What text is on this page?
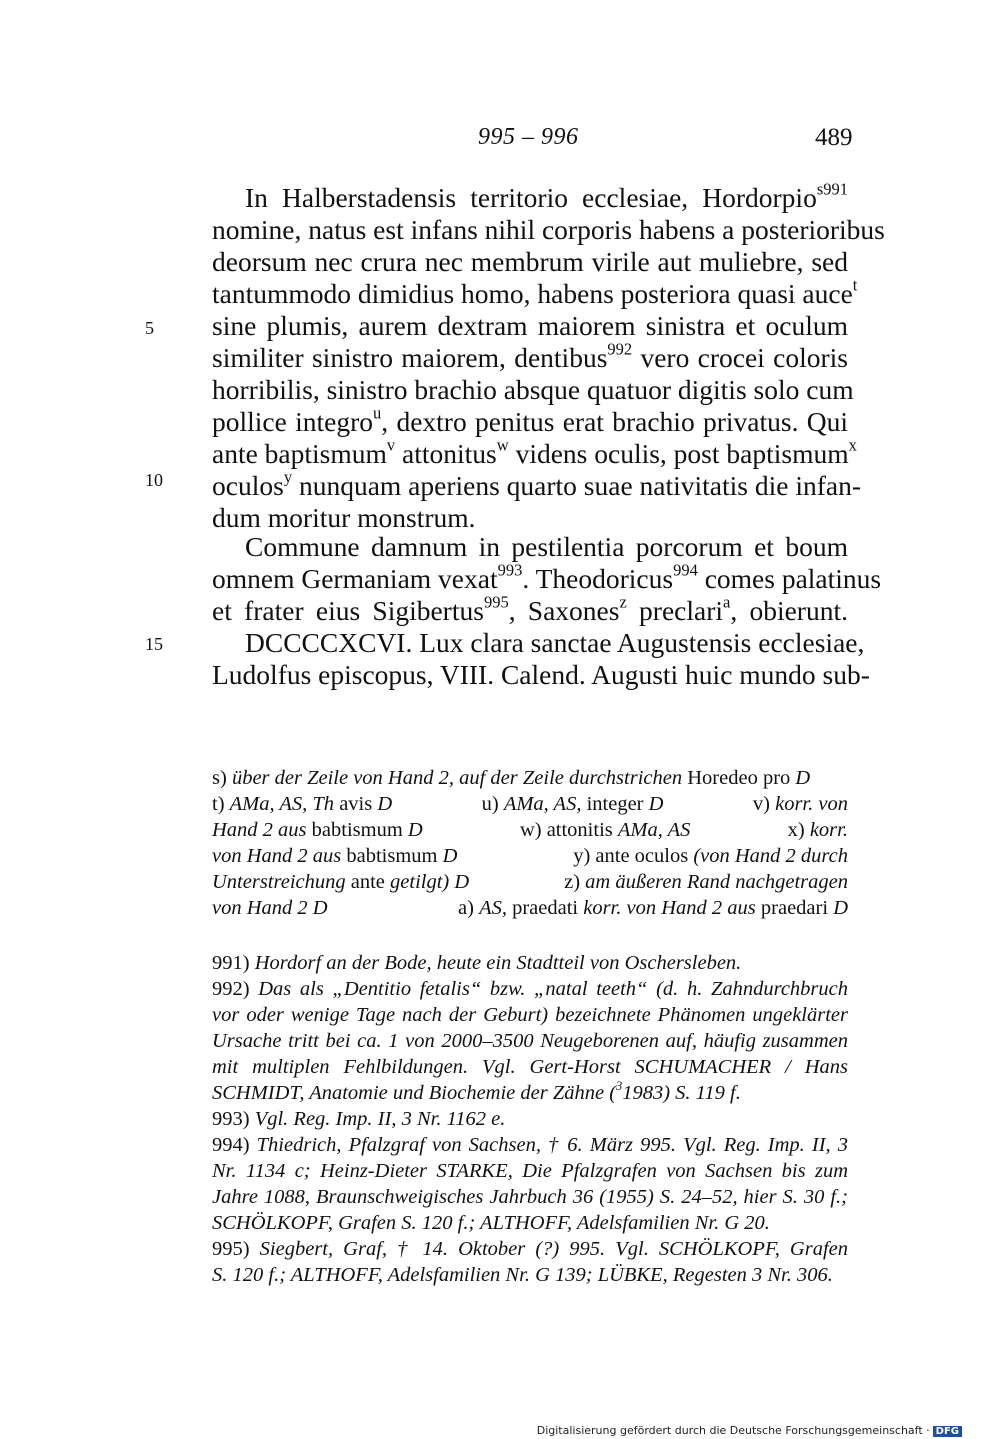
995 – 996	489
5
10
15
In Halberstadensis territorio ecclesiae, Hordorpio$^{s991}$
nomine, natus est infans nihil corporis habens a posterioribus
deorsum nec crura nec membrum virile aut muliebre, sed
tantummodo dimidius homo, habens posteriora quasi auce$^t$
sine plumis, aurem dextram maiorem sinistra et oculum
similiter sinistro maiorem, dentibus$^{992}$ vero crocei coloris
horribilis, sinistro brachio absque quatuor digitis solo cum
pollice integro$^u$, dextro penitus erat brachio privatus. Qui
ante baptismum$^v$ attonitus$^w$ videns oculis, post baptismum$^x$
oculos$^y$ nunquam aperiens quarto suae nativitatis die infan-
dum moritur monstrum.
Commune damnum in pestilentia porcorum et boum
omnem Germaniam vexat$^{993}$. Theodoricus$^{994}$ comes palatinus
et frater eius Sigibertus$^{995}$, Saxones$^z$ preclari$^a$, obierunt.
DCCCCXCVI. Lux clara sanctae Augustensis ecclesiae,
Ludolfus episcopus, VIII. Calend. Augusti huic mundo sub-
s) über der Zeile von Hand 2, auf der Zeile durchstrichen Horedeo pro D
t) AMa, AS, Th avis D	u) AMa, AS, integer D	v) korr. von
Hand 2 aus babtismum D	w) attonitis AMa, AS	x) korr.
von Hand 2 aus babtismum D	y) ante oculos (von Hand 2 durch
Unterstreichung ante getilgt) D	z) am äußeren Rand nachgetragen
von Hand 2 D	a) AS, praedati korr. von Hand 2 aus praedari D
991) Hordorf an der Bode, heute ein Stadtteil von Oschersleben.
992) Das als „Dentitio fetalis“ bzw. „natal teeth“ (d. h. Zahndurchbruch
vor oder wenige Tage nach der Geburt) bezeichnete Phänomen ungeklärter
Ursache tritt bei ca. 1 von 2000–3500 Neugeborenen auf, häufig zusammen
mit multiplen Fehlbildungen. Vgl. Gert-Horst SCHUMACHER / Hans
SCHMIDT, Anatomie und Biochemie der Zähne ($^3$1983) S. 119 f.
993) Vgl. Reg. Imp. II, 3 Nr. 1162 e.
994) Thiedrich, Pfalzgraf von Sachsen, † 6. März 995. Vgl. Reg. Imp. II, 3
Nr. 1134 c; Heinz-Dieter STARKE, Die Pfalzgrafen von Sachsen bis zum
Jahre 1088, Braunschweigisches Jahrbuch 36 (1955) S. 24–52, hier S. 30 f.;
SCHÖLKOPF, Grafen S. 120 f.; ALTHOFF, Adelsfamilien Nr. G 20.
995) Siegbert, Graf, † 14. Oktober (?) 995. Vgl. SCHÖLKOPF, Grafen
S. 120 f.; ALTHOFF, Adelsfamilien Nr. G 139; LÜBKE, Regesten 3 Nr. 306.
Digitalisierung gefördert durch die Deutsche Forschungsgemeinschaft · DFG
